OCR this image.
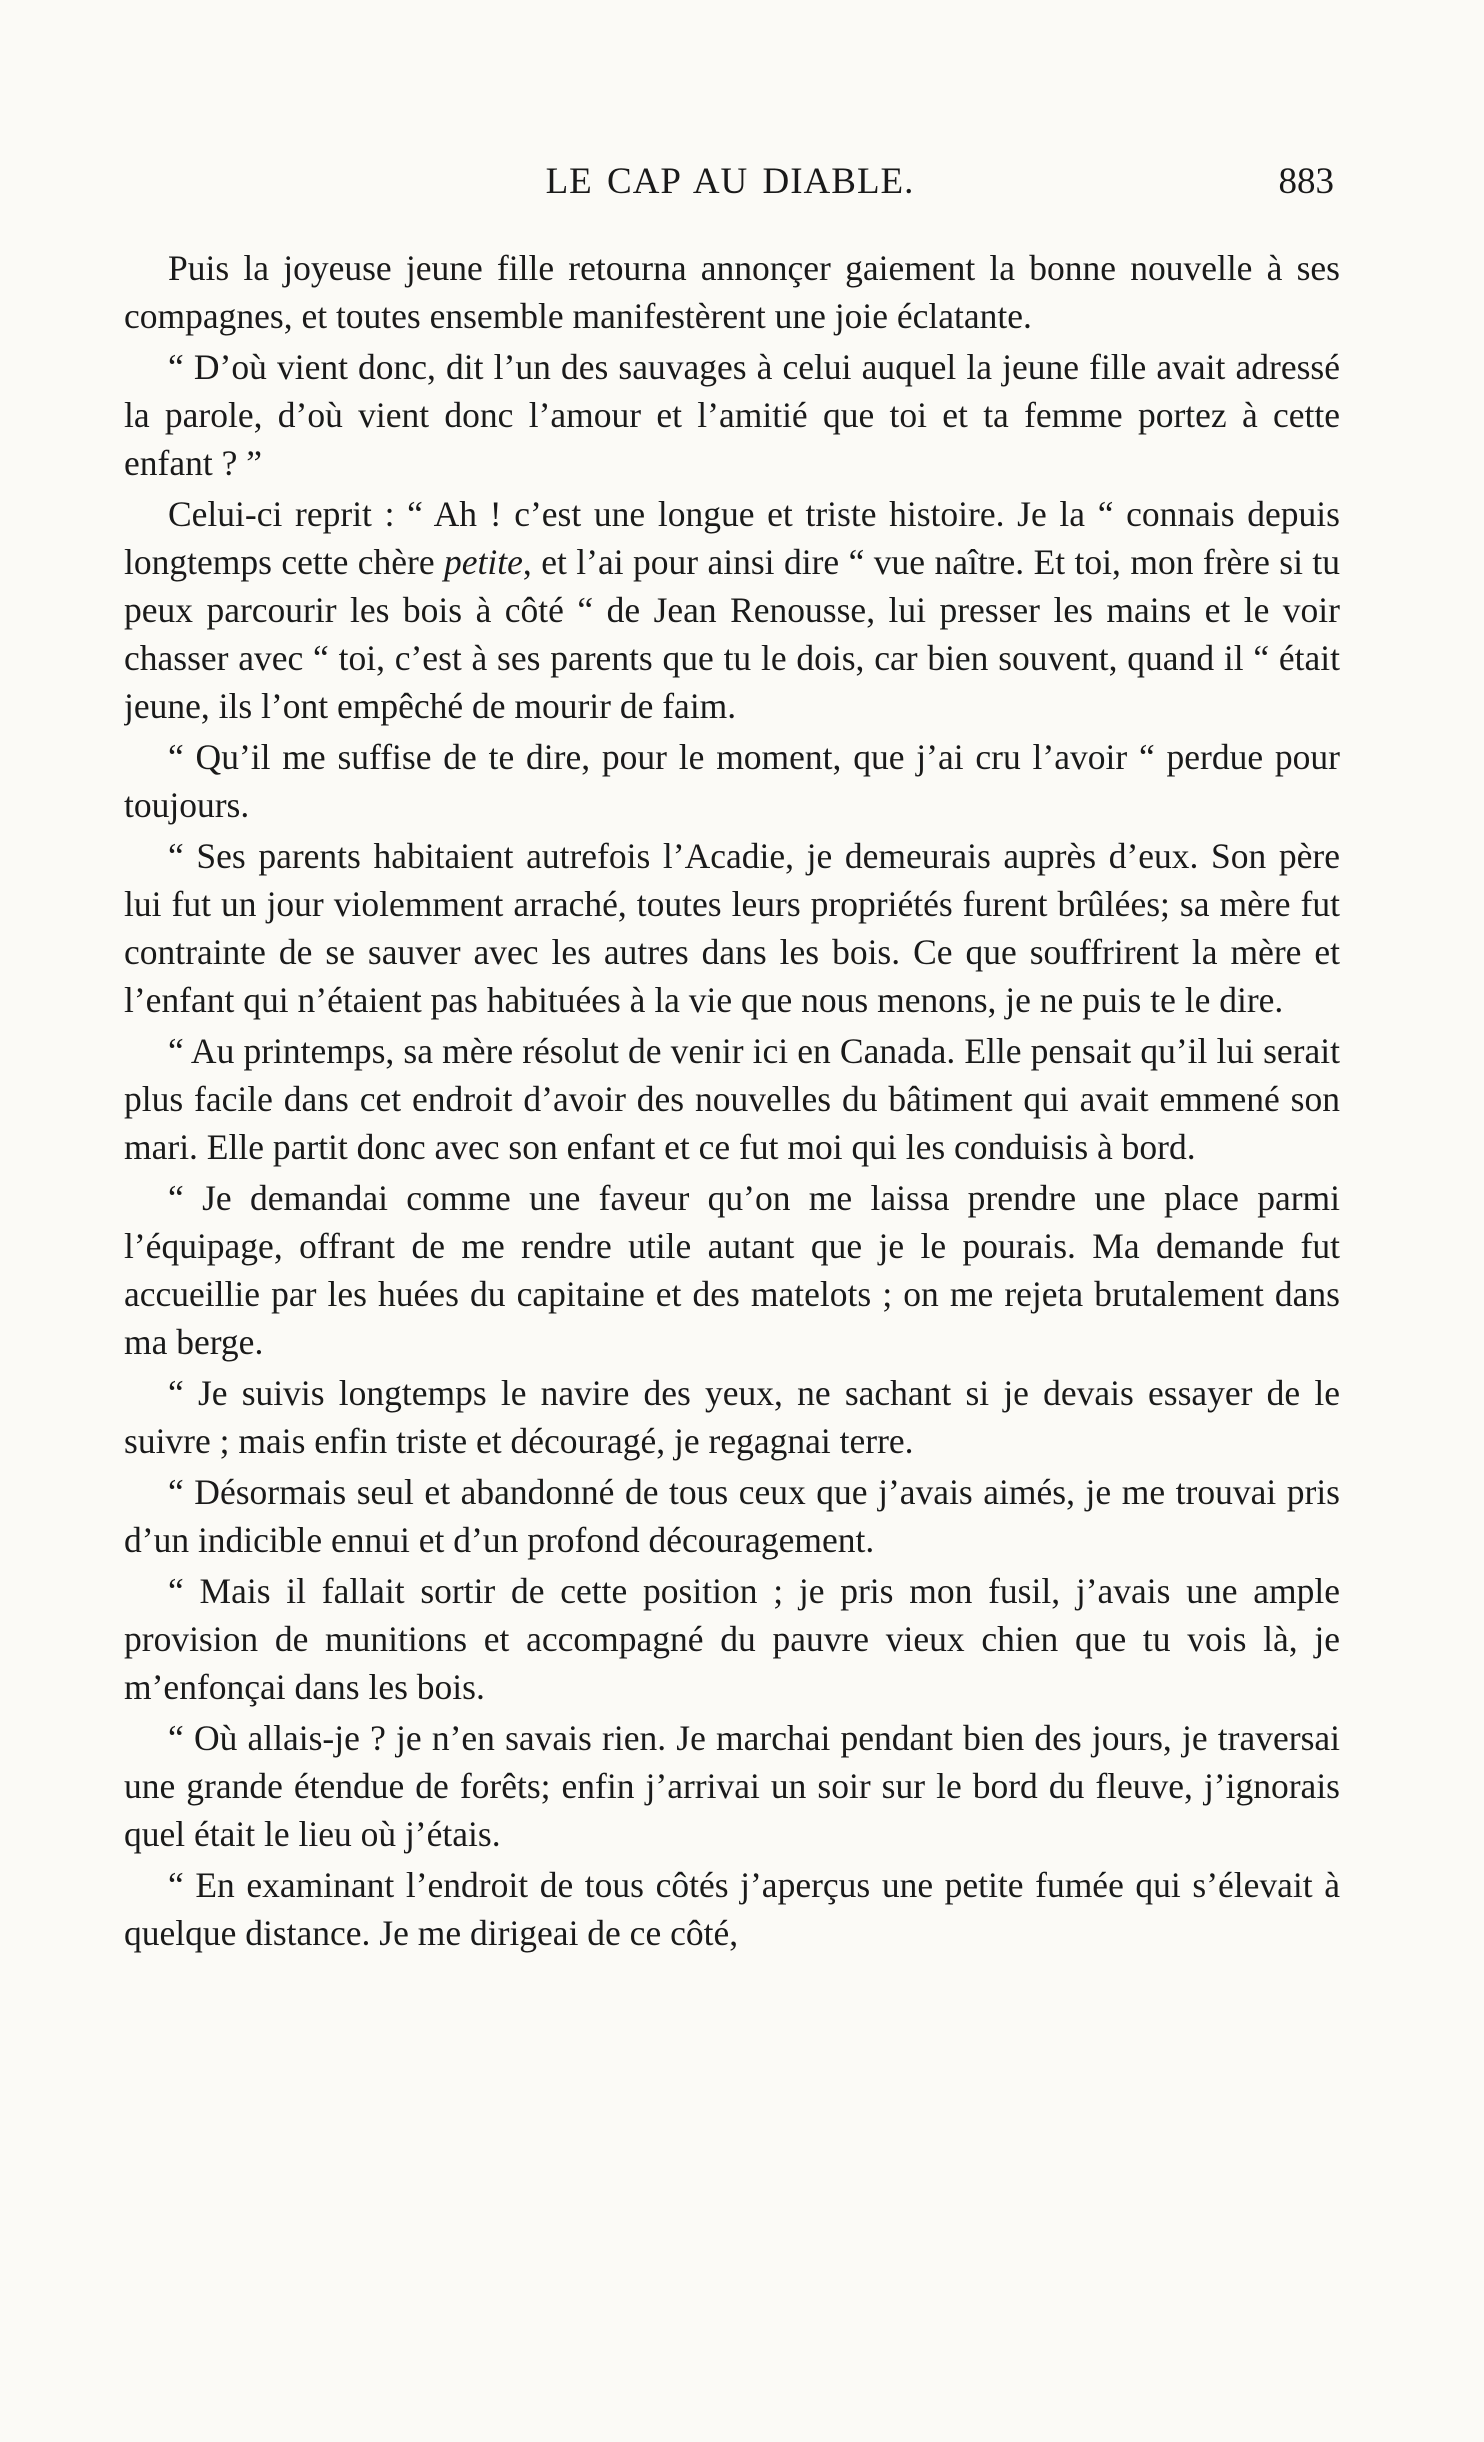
LE CAP AU DIABLE.	883

Puis la joyeuse jeune fille retourna annonçer gaiement la bonne nouvelle à ses compagnes, et toutes ensemble manifestèrent une joie éclatante.

“ D’où vient donc, dit l’un des sauvages à celui auquel la jeune fille avait adressé la parole, d’où vient donc l’amour et l’amitié que toi et ta femme portez à cette enfant ? ”

Celui-ci reprit : “ Ah ! c’est une longue et triste histoire. Je la “ connais depuis longtemps cette chère petite, et l’ai pour ainsi dire “ vue naître. Et toi, mon frère si tu peux parcourir les bois à côté “ de Jean Renousse, lui presser les mains et le voir chasser avec “ toi, c’est à ses parents que tu le dois, car bien souvent, quand il “ était jeune, ils l’ont empêché de mourir de faim.

“ Qu’il me suffise de te dire, pour le moment, que j’ai cru l’avoir “ perdue pour toujours.

“ Ses parents habitaient autrefois l’Acadie, je demeurais auprès d’eux. Son père lui fut un jour violemment arraché, toutes leurs propriétés furent brûlées; sa mère fut contrainte de se sauver avec les autres dans les bois. Ce que souffrirent la mère et l’enfant qui n’étaient pas habituées à la vie que nous menons, je ne puis te le dire.

“ Au printemps, sa mère résolut de venir ici en Canada. Elle pensait qu’il lui serait plus facile dans cet endroit d’avoir des nouvelles du bâtiment qui avait emmené son mari. Elle partit donc avec son enfant et ce fut moi qui les conduisis à bord.

“ Je demandai comme une faveur qu’on me laissa prendre une place parmi l’équipage, offrant de me rendre utile autant que je le pourais. Ma demande fut accueillie par les huées du capitaine et des matelots ; on me rejeta brutalement dans ma berge.

“ Je suivis longtemps le navire des yeux, ne sachant si je devais essayer de le suivre ; mais enfin triste et découragé, je regagnai terre.

“ Désormais seul et abandonné de tous ceux que j’avais aimés, je me trouvai pris d’un indicible ennui et d’un profond découragement.

“ Mais il fallait sortir de cette position ; je pris mon fusil, j’avais une ample provision de munitions et accompagné du pauvre vieux chien que tu vois là, je m’enfonçai dans les bois.

“ Où allais-je ? je n’en savais rien. Je marchai pendant bien des jours, je traversai une grande étendue de forêts; enfin j’arrivai un soir sur le bord du fleuve, j’ignorais quel était le lieu où j’étais.

“ En examinant l’endroit de tous côtés j’aperçus une petite fumée qui s’élevait à quelque distance. Je me dirigeai de ce côté,
